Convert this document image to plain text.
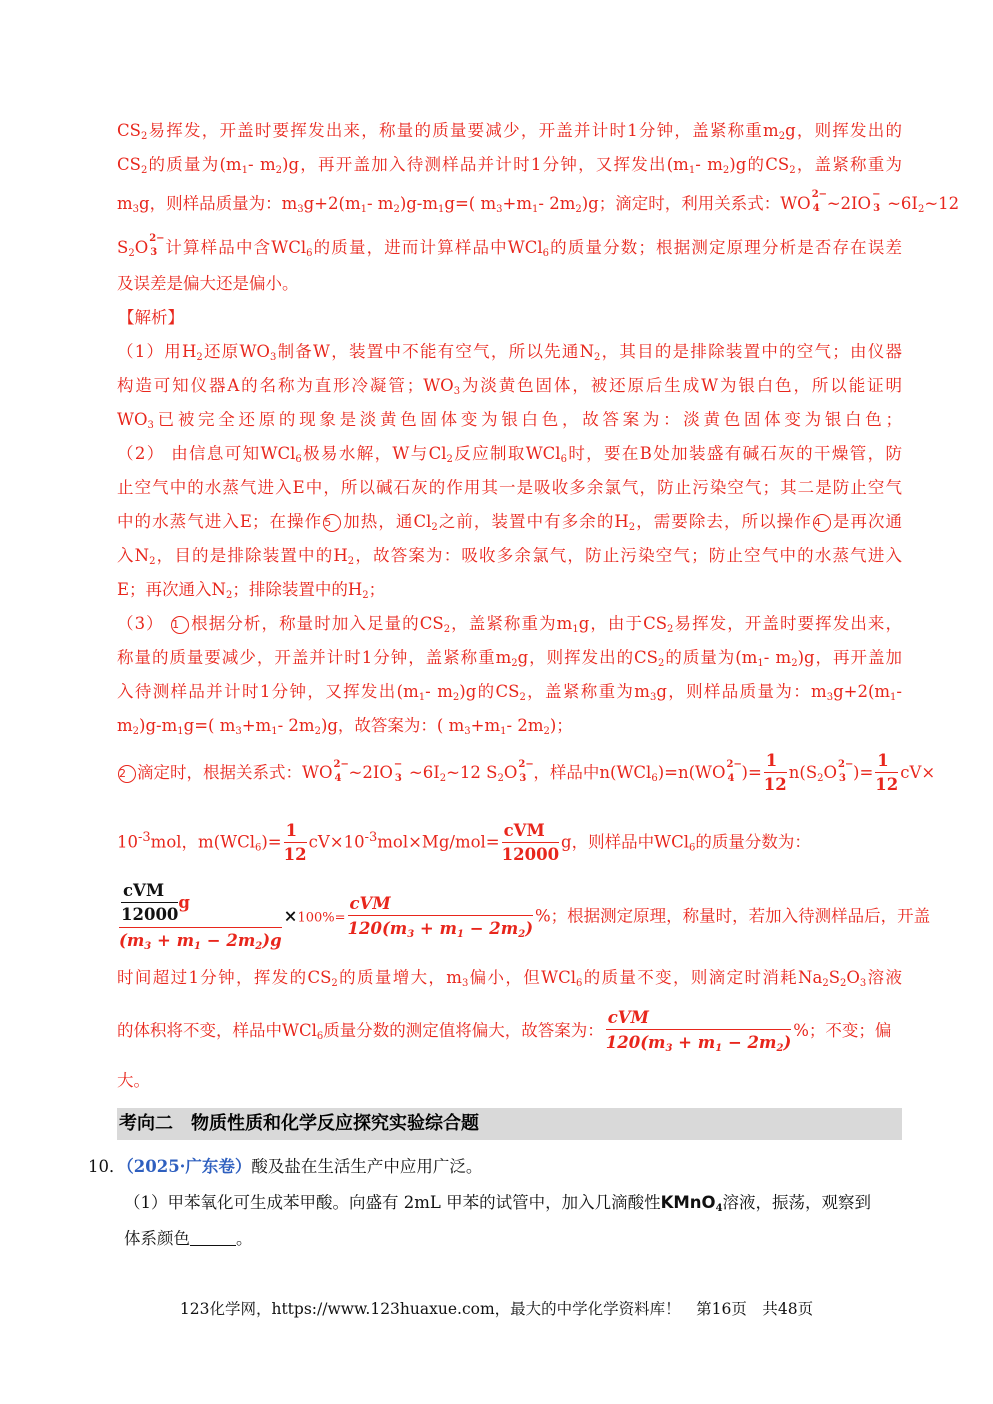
$CS_2$易挥发，开盖时要挥发出来，称量的质量要减少，开盖并计时1分钟，盖紧称重$m_2g$，则挥发出的
$CS_2$的质量为($m_1-$ $m_2)g$，再开盖加入待测样品并计时1分钟，又挥发出($m_1-$ $m_2)g$的$CS_2$，盖紧称重为
$m_3g$，则样品质量为：$m_3g+2(m_1-$ $m_2)g-m_1g=$( $m_3+m_1-$ $2m_2)g$；滴定时，利用关系式：WO 2−
4 ~2IO −
3 $\sim 6I_2\sim 12$
$S_2O$ 2−
3 计算样品中含WCl$_6$的质量，进而计算样品中WCl$_6$的质量分数；根据测定原理分析是否存在误差
及误差是偏大还是偏小。
【解析】
（1）用$H_2$还原$WO_3$制备W，装置中不能有空气，所以先通$N_2$，其目的是排除装置中的空气；由仪器
构造可知仪器A的名称为直形冷凝管；$WO_3$为淡黄色固体，被还原后生成W为银白色，所以能证明
$WO_3$已被完全还原的现象是淡黄色固体变为银白色，故答案为：淡黄色固体变为银白色；
（2） 由信息可知WCl$_6$极易水解，W与$Cl_2$反应制取WCl$_6$时，要在B处加装盛有碱石灰的干燥管，防
止空气中的水蒸气进入E中，所以碱石灰的作用其一是吸收多余氯气，防止污染空气；其二是防止空气
中的水蒸气进入E；在操作 5 加热，通$Cl_2$之前，装置中有多余的$H_2$，需要除去，所以操作 4 是再次通
入$N_2$，目的是排除装置中的$H_2$，故答案为：吸收多余氯气，防止污染空气；防止空气中的水蒸气进入
E；再次通入$N_2$；排除装置中的$H_2$；
（3） 1 根据分析，称量时加入足量的$CS_2$，盖紧称重为$m_1g$，由于$CS_2$易挥发，开盖时要挥发出来，
称量的质量要减少，开盖并计时1分钟，盖紧称重$m_2g$，则挥发出的$CS_2$的质量为($m_1-$ $m_2)g$，再开盖加
入待测样品并计时1分钟，又挥发出($m_1-$ $m_2)g$的$CS_2$，盖紧称重为$m_3g$，则样品质量为：$m_3g+2(m_1-$
$m_2)g-m_1g=$( $m_3+m_1-$ $2m_2)g$，故答案为：( $m_3+m_1-$ $2m_2$)；
2 滴定时，根据关系式：WO 2−
4 ~2IO −
3 $\sim 6I_2\sim 12$ $S_2O$ 2−
3 ，样品中n(WCl$_6$)=n(WO 2−
4 )= $\frac{1}{12} n(S_2O$ 2−
3 )= $\frac{1}{12} cV\times$
$10^{-3}mol$，$m(WCl_6)= \frac{1}{12} cV\times 10^{-3}mol\times Mg/mol= \frac{\text{cVM}}{12000}$ g，则样品中WCl$_6$的质量分数为：
$\frac{\frac{\text{cVM}}{12000} g}{(m_3 + m_1 - 2m_2)g} \times 100\%= \frac{\text{cVM}}{120(m_3 + m_1 - 2m_2)}$ %；根据测定原理，称量时，若加入待测样品后，开盖
时间超过1分钟，挥发的$CS_2$的质量增大，$m_3$偏小，但WCl$_6$的质量不变，则滴定时消耗$Na_2S_2O_3$溶液
的体积将不变，样品中WCl$_6$质量分数的测定值将偏大，故答案为： $\frac{\text{cVM}}{120(m_3 + m_1 - 2m_2)}$ %；不变；偏
大。
考向二　物质性质和化学反应探究实验综合题
10．（2025·广东卷）酸及盐在生活生产中应用广泛。
（1）甲苯氧化可生成苯甲酸。向盛有 2mL 甲苯的试管中，加入几滴酸性KMnO$_4$溶液，振荡，观察到
体系颜色	。
123化学网，https://www.123huaxue.com，最大的中学化学资料库！　第16页　共48页
